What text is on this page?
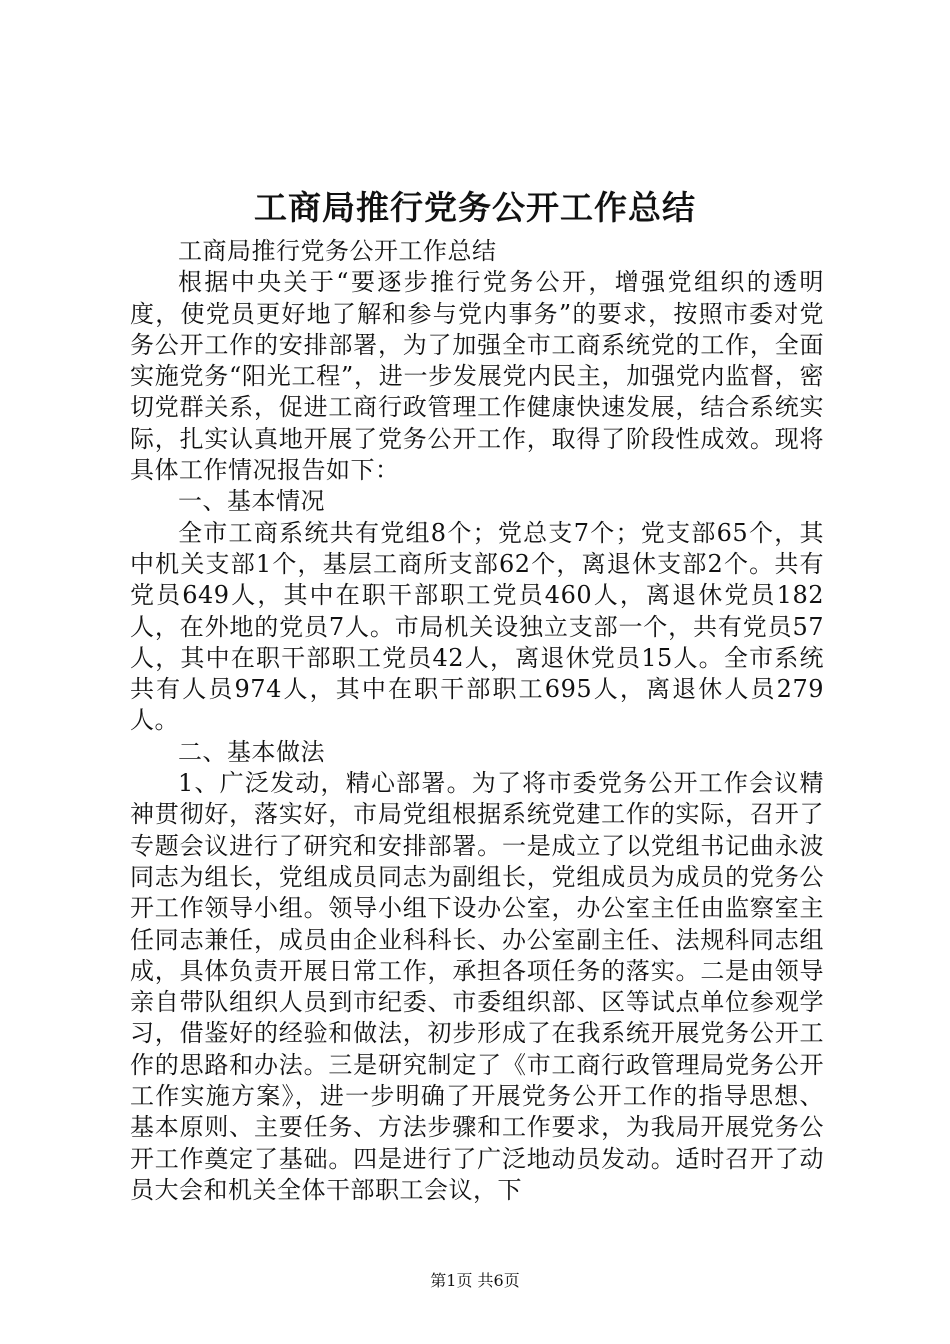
工商局推行党务公开工作总结

工商局推行党务公开工作总结

根据中央关于“要逐步推行党务公开，增强党组织的透明度，使党员更好地了解和参与党内事务”的要求，按照市委对党务公开工作的安排部署，为了加强全市工商系统党的工作，全面实施党务“阳光工程”，进一步发展党内民主，加强党内监督，密切党群关系，促进工商行政管理工作健康快速发展，结合系统实际，扎实认真地开展了党务公开工作，取得了阶段性成效。现将具体工作情况报告如下：

一、基本情况

全市工商系统共有党组8个；党总支7个；党支部65个，其中机关支部1个，基层工商所支部62个，离退休支部2个。共有党员649人，其中在职干部职工党员460人，离退休党员182人，在外地的党员7人。市局机关设独立支部一个，共有党员57人，其中在职干部职工党员42人，离退休党员15人。全市系统共有人员974人，其中在职干部职工695人，离退休人员279人。

二、基本做法

1、广泛发动，精心部署。为了将市委党务公开工作会议精神贯彻好，落实好，市局党组根据系统党建工作的实际，召开了专题会议进行了研究和安排部署。一是成立了以党组书记曲永波同志为组长，党组成员同志为副组长，党组成员为成员的党务公开工作领导小组。领导小组下设办公室，办公室主任由监察室主任同志兼任，成员由企业科科长、办公室副主任、法规科同志组成，具体负责开展日常工作，承担各项任务的落实。二是由领导亲自带队组织人员到市纪委、市委组织部、区等试点单位参观学习，借鉴好的经验和做法，初步形成了在我系统开展党务公开工作的思路和办法。三是研究制定了《市工商行政管理局党务公开工作实施方案》，进一步明确了开展党务公开工作的指导思想、基本原则、主要任务、方法步骤和工作要求，为我局开展党务公开工作奠定了基础。四是进行了广泛地动员发动。适时召开了动员大会和机关全体干部职工会议，下

第1页 共6页
